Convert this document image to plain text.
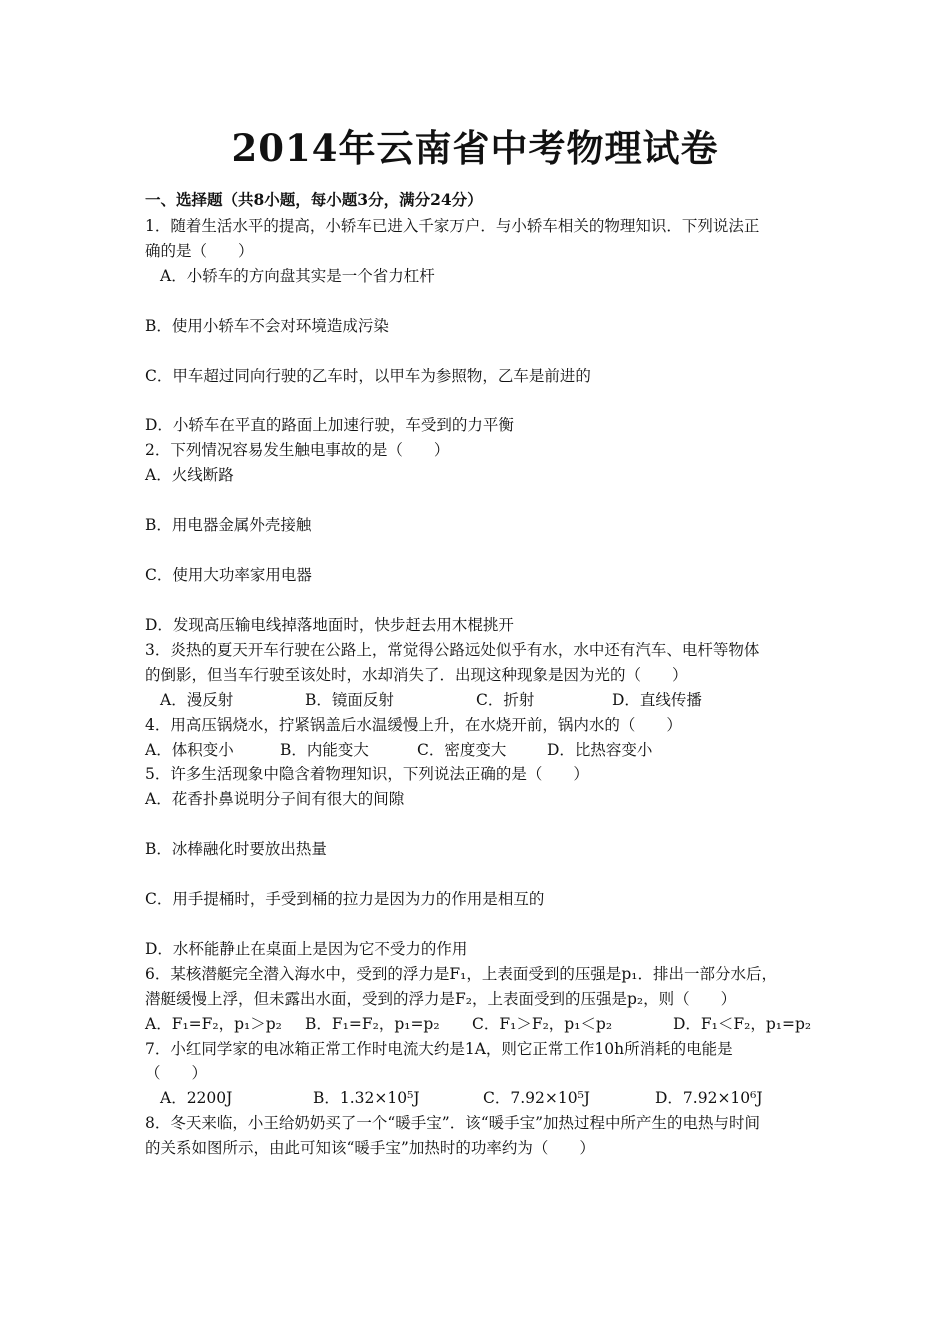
2014年云南省中考物理试卷
一、选择题（共8小题，每小题3分，满分24分）
1．随着生活水平的提高，小轿车已进入千家万户．与小轿车相关的物理知识．下列说法正
确的是（　　）
A．小轿车的方向盘其实是一个省力杠杆
B．使用小轿车不会对环境造成污染
C．甲车超过同向行驶的乙车时，以甲车为参照物，乙车是前进的
D．小轿车在平直的路面上加速行驶，车受到的力平衡
2．下列情况容易发生触电事故的是（　　）
A．火线断路
B．用电器金属外壳接触
C．使用大功率家用电器
D．发现高压输电线掉落地面时，快步赶去用木棍挑开
3．炎热的夏天开车行驶在公路上，常觉得公路远处似乎有水，水中还有汽车、电杆等物体
的倒影，但当车行驶至该处时，水却消失了．出现这种现象是因为光的（　　）
A．漫反射	B．镜面反射	C．折射	D．直线传播
4．用高压锅烧水，拧紧锅盖后水温缓慢上升，在水烧开前，锅内水的（　　）
A．体积变小	B．内能变大	C．密度变大	D．比热容变小
5．许多生活现象中隐含着物理知识，下列说法正确的是（　　）
A．花香扑鼻说明分子间有很大的间隙
B．冰棒融化时要放出热量
C．用手提桶时，手受到桶的拉力是因为力的作用是相互的
D．水杯能静止在桌面上是因为它不受力的作用
6．某核潜艇完全潜入海水中，受到的浮力是F₁，上表面受到的压强是p₁．排出一部分水后，
潜艇缓慢上浮，但未露出水面，受到的浮力是F₂，上表面受到的压强是p₂，则（　　）
A．F₁=F₂，p₁＞p₂ B．F₁=F₂，p₁=p₂ C．F₁＞F₂，p₁＜p₂	D．F₁＜F₂，p₁=p₂
7．小红同学家的电冰箱正常工作时电流大约是1A，则它正常工作10h所消耗的电能是
（　　）
A．2200J	B．1.32×10⁵J	C．7.92×10⁵J	D．7.92×10⁶J
8．冬天来临，小王给奶奶买了一个“暖手宝”．该“暖手宝”加热过程中所产生的电热与时间
的关系如图所示，由此可知该“暖手宝”加热时的功率约为（　　）
